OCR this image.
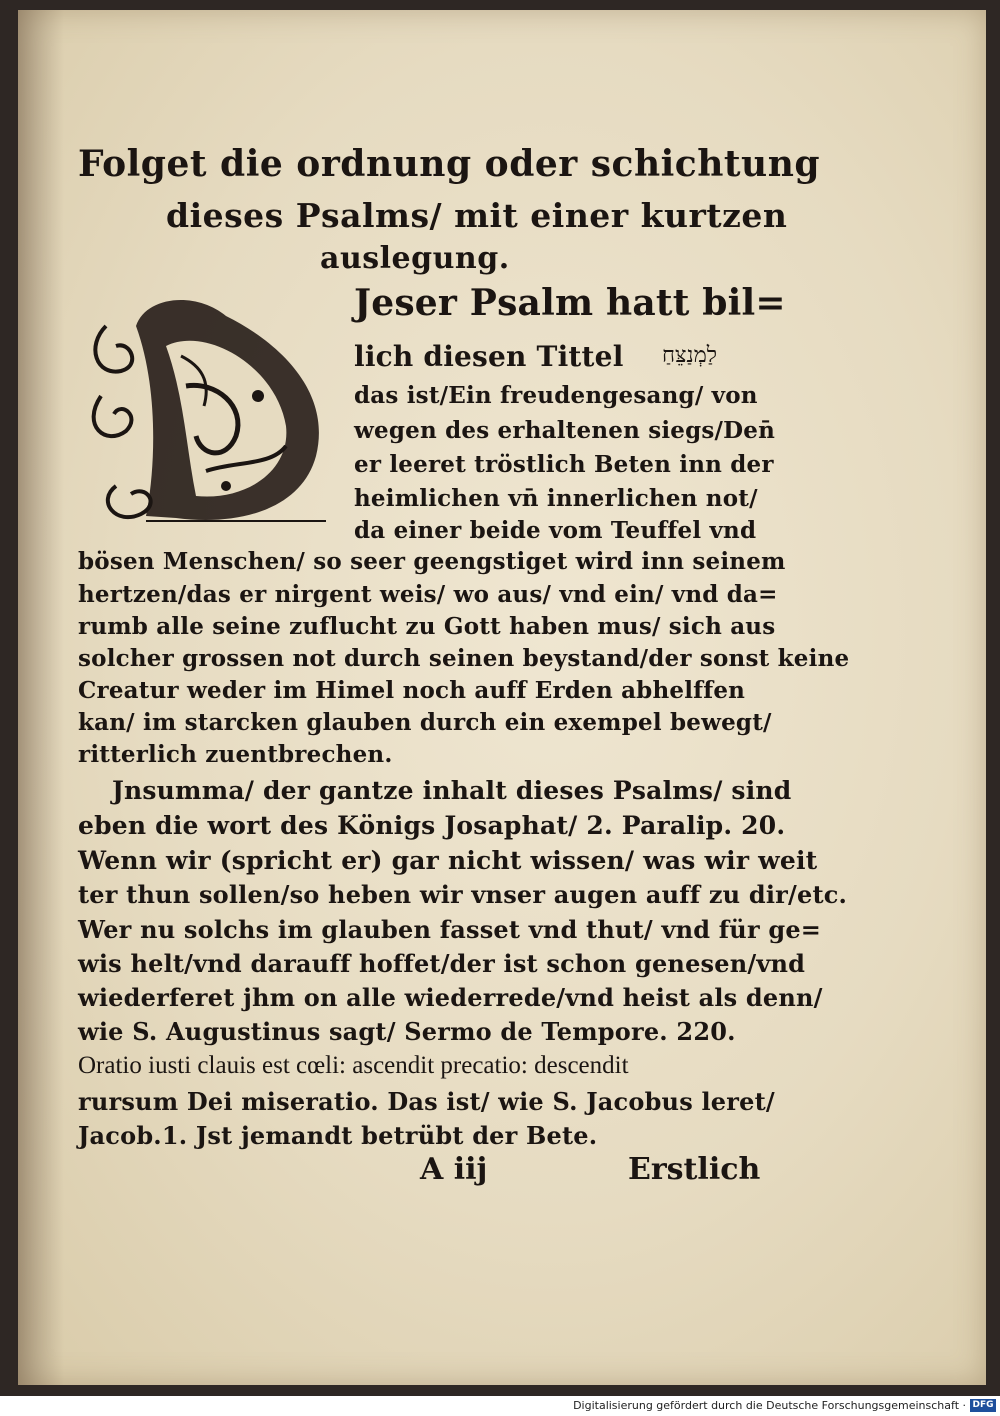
Folget die ordnung oder schichtung
dieses Psalms/ mit einer kurtzen
auslegung.
Jeser Psalm hatt bil=
lich diesen Tittel לַמְנַצֵּחַ
das ist/Ein freudengesang/ von
wegen des erhaltenen siegs/Den̄
er leeret tröstlich Beten inn der
heimlichen vn̄ innerlichen not/
da einer beide vom Teuffel vnd
bösen Menschen/ so seer geengstiget wird inn seinem
hertzen/das er nirgent weis/ wo aus/ vnd ein/ vnd da=
rumb alle seine zuflucht zu Gott haben mus/ sich aus
solcher grossen not durch seinen beystand/der sonst keine
Creatur weder im Himel noch auff Erden abhelffen
kan/ im starcken glauben durch ein exempel bewegt/
ritterlich zuentbrechen.
Jnsumma/ der gantze inhalt dieses Psalms/ sind
eben die wort des Königs Josaphat/ 2. Paralip. 20.
Wenn wir (spricht er) gar nicht wissen/ was wir weit
ter thun sollen/so heben wir vnser augen auff zu dir/etc.
Wer nu solchs im glauben fasset vnd thut/ vnd für ge=
wis helt/vnd darauff hoffet/der ist schon genesen/vnd
wiederferet jhm on alle wiederrede/vnd heist als denn/
wie S. Augustinus sagt/ Sermo de Tempore. 220.
Oratio iusti clauis est cœli: ascendit precatio: descendit
rursum Dei miseratio. Das ist/ wie S. Jacobus leret/
Jacob.1. Jst jemandt betrübt der Bete.
A iij	Erstlich
Digitalisierung gefördert durch die Deutsche Forschungsgemeinschaft · DFG
